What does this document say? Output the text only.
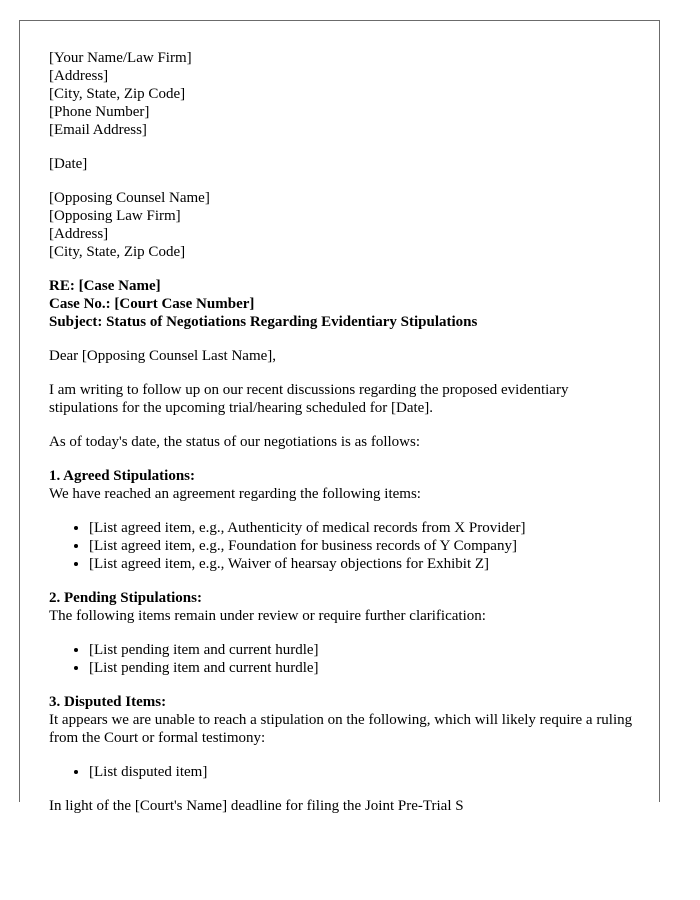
[Your Name/Law Firm]
[Address]
[City, State, Zip Code]
[Phone Number]
[Email Address]
[Date]
[Opposing Counsel Name]
[Opposing Law Firm]
[Address]
[City, State, Zip Code]
RE: [Case Name]
Case No.: [Court Case Number]
Subject: Status of Negotiations Regarding Evidentiary Stipulations

Dear [Opposing Counsel Last Name],

I am writing to follow up on our recent discussions regarding the proposed evidentiary stipulations for the upcoming trial/hearing scheduled for [Date].

As of today's date, the status of our negotiations is as follows:

1. Agreed Stipulations:
We have reached an agreement regarding the following items:
• [List agreed item, e.g., Authenticity of medical records from X Provider]
• [List agreed item, e.g., Foundation for business records of Y Company]
• [List agreed item, e.g., Waiver of hearsay objections for Exhibit Z]
2. Pending Stipulations:
The following items remain under review or require further clarification:
• [List pending item and current hurdle]
• [List pending item and current hurdle]
3. Disputed Items:
It appears we are unable to reach a stipulation on the following, which will likely require a ruling from the Court or formal testimony:
• [List disputed item]

In light of the [Court's Name] deadline for filing the Joint Pre-Trial S
